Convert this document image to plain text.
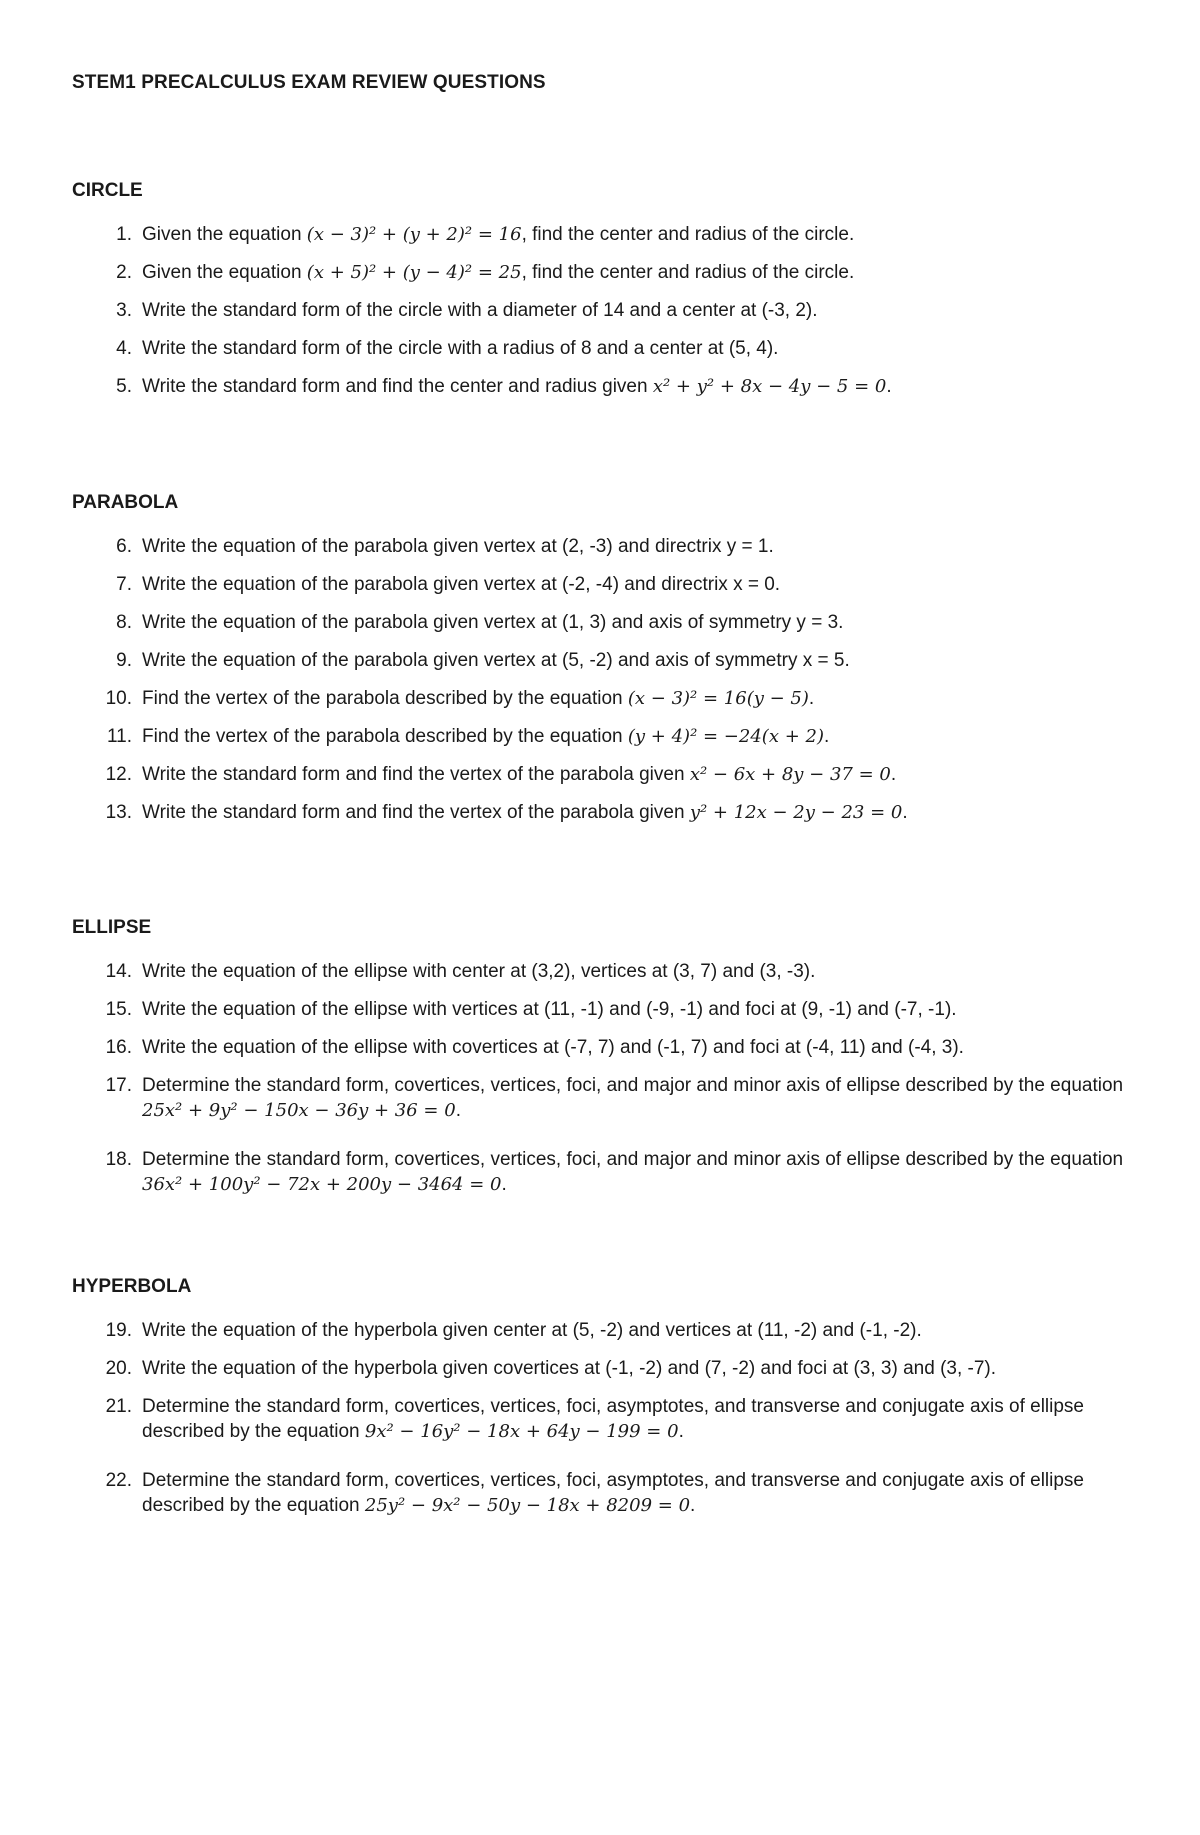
STEM1 PRECALCULUS EXAM REVIEW QUESTIONS
CIRCLE
1. Given the equation (x − 3)² + (y + 2)² = 16, find the center and radius of the circle.
2. Given the equation (x + 5)² + (y − 4)² = 25, find the center and radius of the circle.
3. Write the standard form of the circle with a diameter of 14 and a center at (-3, 2).
4. Write the standard form of the circle with a radius of 8 and a center at (5, 4).
5. Write the standard form and find the center and radius given x² + y² + 8x − 4y − 5 = 0.
PARABOLA
6. Write the equation of the parabola given vertex at (2, -3) and directrix y = 1.
7. Write the equation of the parabola given vertex at (-2, -4) and directrix x = 0.
8. Write the equation of the parabola given vertex at (1, 3) and axis of symmetry y = 3.
9. Write the equation of the parabola given vertex at (5, -2) and axis of symmetry x = 5.
10. Find the vertex of the parabola described by the equation (x − 3)² = 16(y − 5).
11. Find the vertex of the parabola described by the equation (y + 4)² = −24(x + 2).
12. Write the standard form and find the vertex of the parabola given x² − 6x + 8y − 37 = 0.
13. Write the standard form and find the vertex of the parabola given y² + 12x − 2y − 23 = 0.
ELLIPSE
14. Write the equation of the ellipse with center at (3,2), vertices at (3, 7) and (3, -3).
15. Write the equation of the ellipse with vertices at (11, -1) and (-9, -1) and foci at (9, -1) and (-7, -1).
16. Write the equation of the ellipse with covertices at (-7, 7) and (-1, 7) and foci at (-4, 11) and (-4, 3).
17. Determine the standard form, covertices, vertices, foci, and major and minor axis of ellipse described by the equation 25x² + 9y² − 150x − 36y + 36 = 0.
18. Determine the standard form, covertices, vertices, foci, and major and minor axis of ellipse described by the equation 36x² + 100y² − 72x + 200y − 3464 = 0.
HYPERBOLA
19. Write the equation of the hyperbola given center at (5, -2) and vertices at (11, -2) and (-1, -2).
20. Write the equation of the hyperbola given covertices at (-1, -2) and (7, -2) and foci at (3, 3) and (3, -7).
21. Determine the standard form, covertices, vertices, foci, asymptotes, and transverse and conjugate axis of ellipse described by the equation 9x² − 16y² − 18x + 64y − 199 = 0.
22. Determine the standard form, covertices, vertices, foci, asymptotes, and transverse and conjugate axis of ellipse described by the equation 25y² − 9x² − 50y − 18x + 8209 = 0.
